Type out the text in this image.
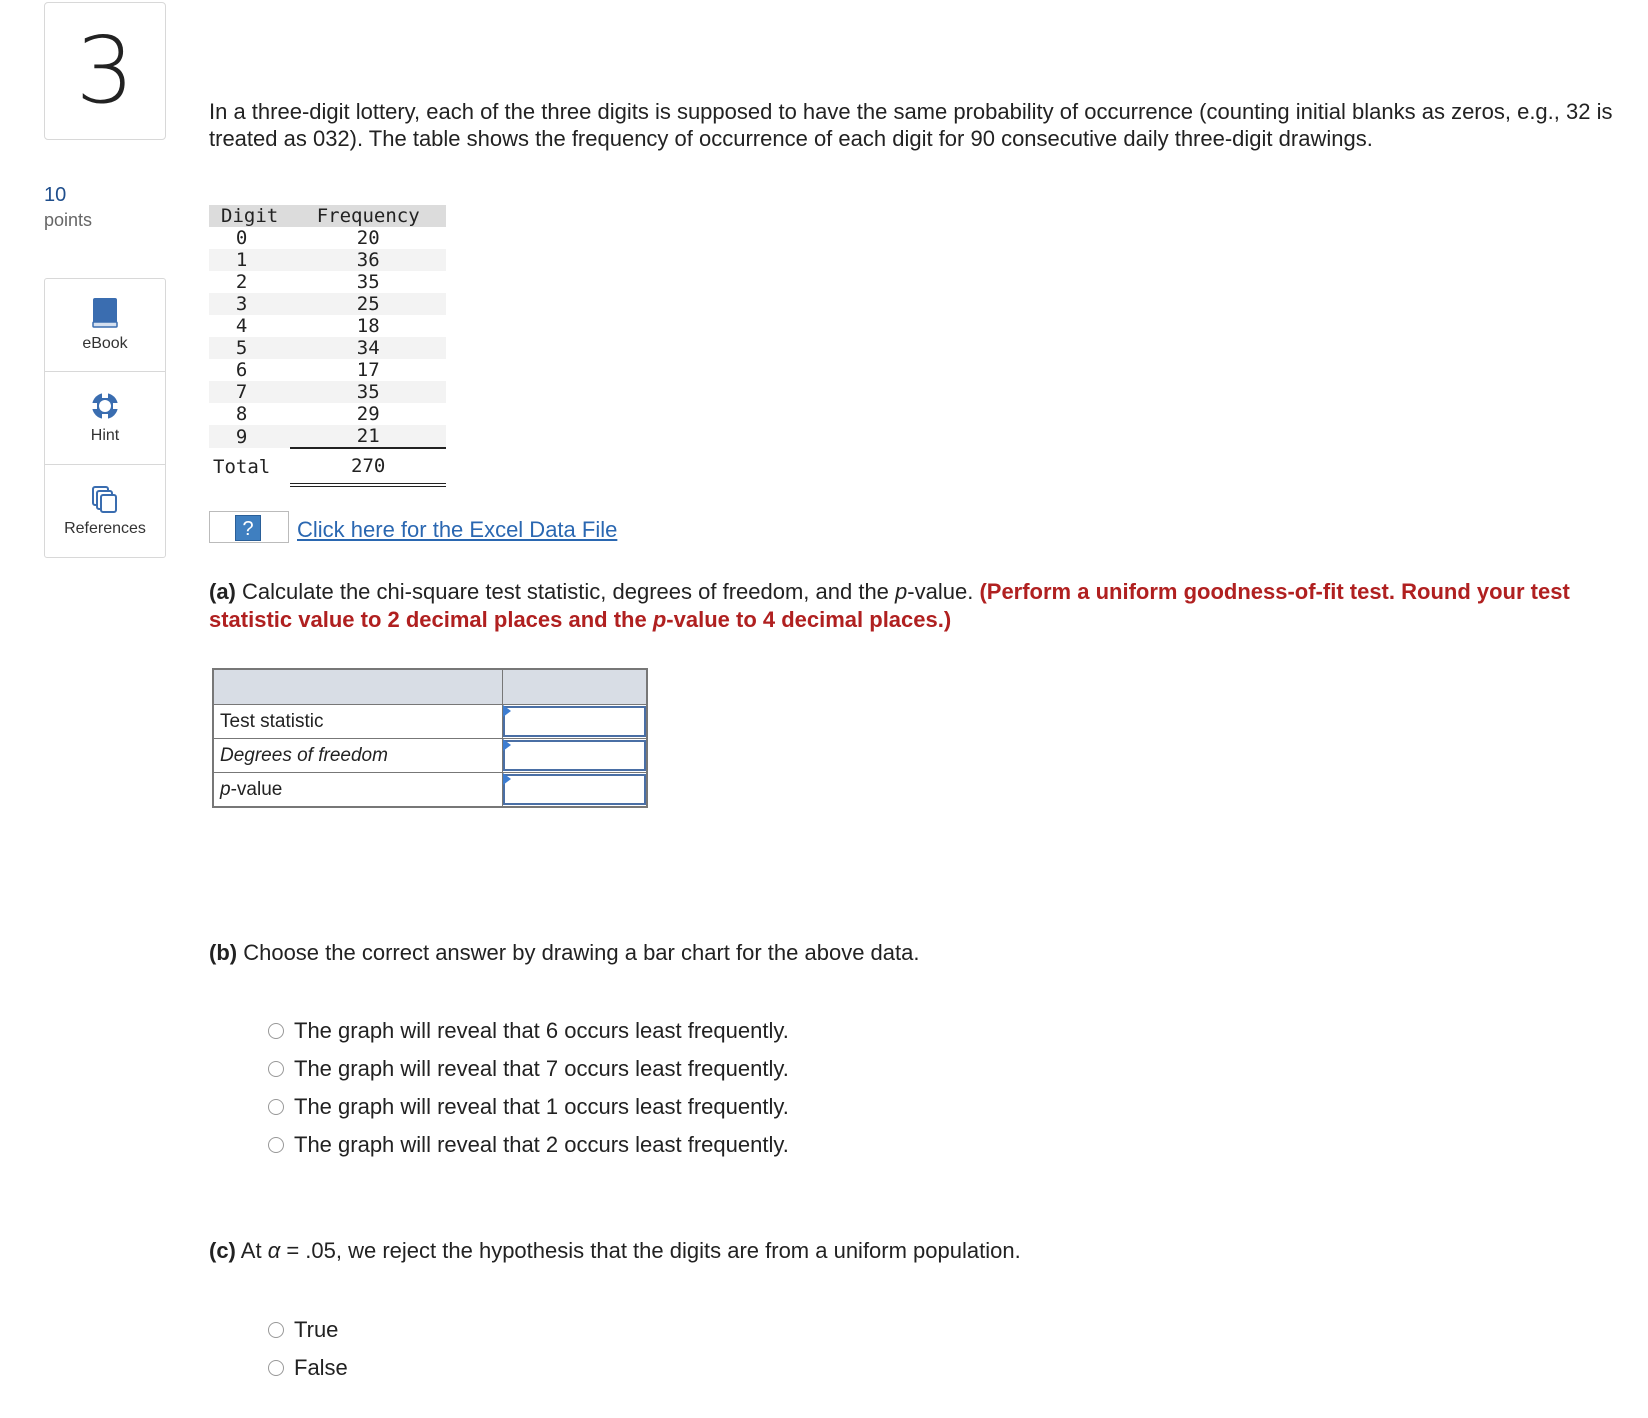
3
10
points
eBook
Hint
References
In a three-digit lottery, each of the three digits is supposed to have the same probability of occurrence (counting initial blanks as zeros, e.g., 32 is treated as 032). The table shows the frequency of occurrence of each digit for 90 consecutive daily three-digit drawings.
Digit	Frequency
0	20
1	36
2	35
3	25
4	18
5	34
6	17
7	35
8	29
9	21
Total	270
?	Click here for the Excel Data File
(a) Calculate the chi-square test statistic, degrees of freedom, and the p-value. (Perform a uniform goodness-of-fit test. Round your test statistic value to 2 decimal places and the p-value to 4 decimal places.)

Test statistic	

Degrees of freedom	

p-value	
(b) Choose the correct answer by drawing a bar chart for the above data.
The graph will reveal that 6 occurs least frequently.
The graph will reveal that 7 occurs least frequently.
The graph will reveal that 1 occurs least frequently.
The graph will reveal that 2 occurs least frequently.
(c) At α = .05, we reject the hypothesis that the digits are from a uniform population.
True
False
